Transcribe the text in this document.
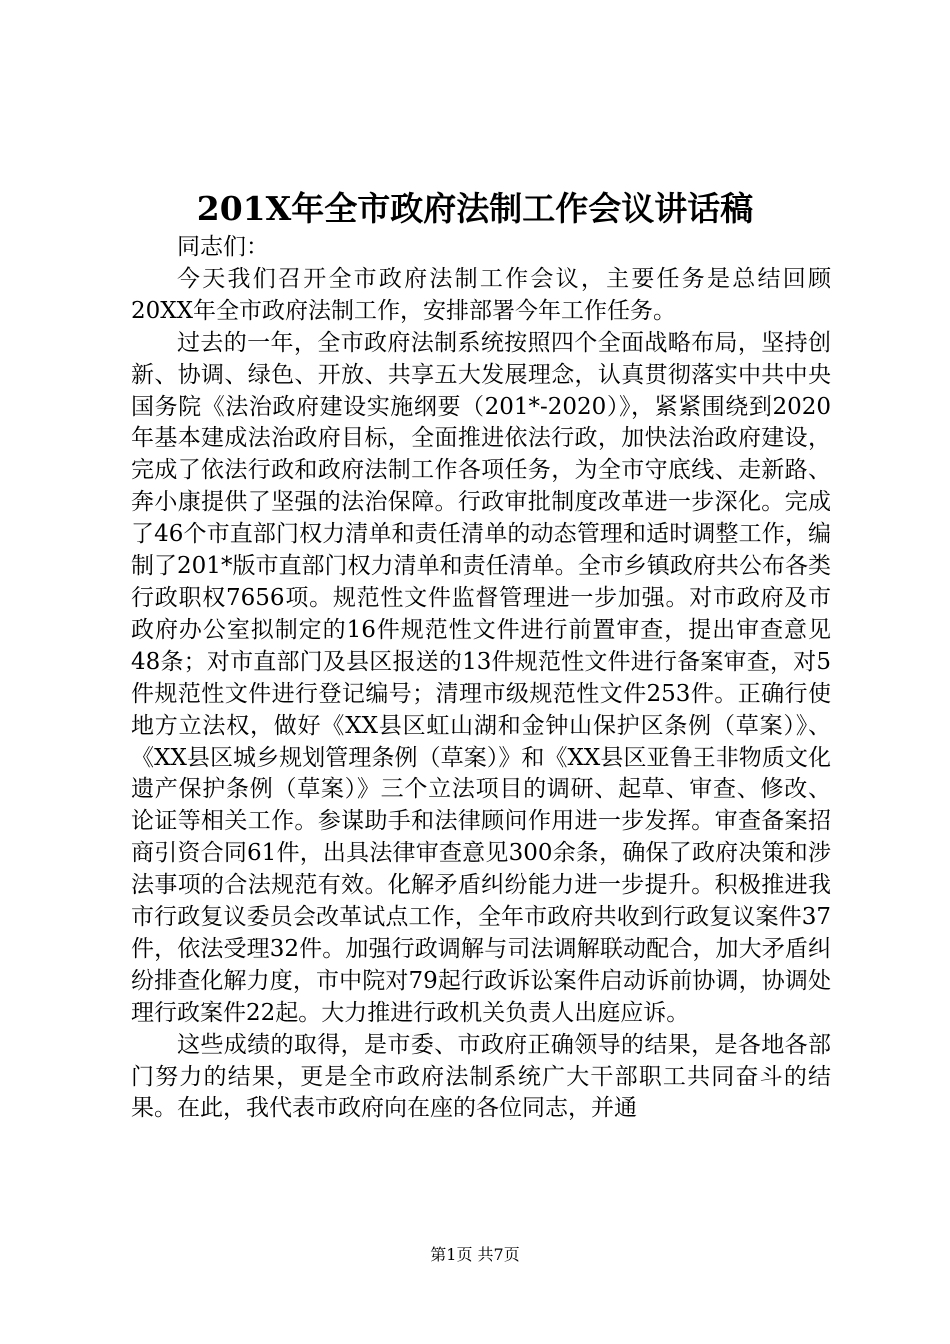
201X年全市政府法制工作会议讲话稿

同志们：

今天我们召开全市政府法制工作会议，主要任务是总结回顾20XX年全市政府法制工作，安排部署今年工作任务。

过去的一年，全市政府法制系统按照四个全面战略布局，坚持创新、协调、绿色、开放、共享五大发展理念，认真贯彻落实中共中央国务院《法治政府建设实施纲要（201*-2020）》，紧紧围绕到2020年基本建成法治政府目标，全面推进依法行政，加快法治政府建设，完成了依法行政和政府法制工作各项任务，为全市守底线、走新路、奔小康提供了坚强的法治保障。行政审批制度改革进一步深化。完成了46个市直部门权力清单和责任清单的动态管理和适时调整工作，编制了201*版市直部门权力清单和责任清单。全市乡镇政府共公布各类行政职权7656项。规范性文件监督管理进一步加强。对市政府及市政府办公室拟制定的16件规范性文件进行前置审查，提出审查意见48条；对市直部门及县区报送的13件规范性文件进行备案审查，对5件规范性文件进行登记编号；清理市级规范性文件253件。正确行使地方立法权，做好《XX县区虹山湖和金钟山保护区条例（草案）》、《XX县区城乡规划管理条例（草案）》和《XX县区亚鲁王非物质文化遗产保护条例（草案）》三个立法项目的调研、起草、审查、修改、论证等相关工作。参谋助手和法律顾问作用进一步发挥。审查备案招商引资合同61件，出具法律审查意见300余条，确保了政府决策和涉法事项的合法规范有效。化解矛盾纠纷能力进一步提升。积极推进我市行政复议委员会改革试点工作，全年市政府共收到行政复议案件37件，依法受理32件。加强行政调解与司法调解联动配合，加大矛盾纠纷排查化解力度，市中院对79起行政诉讼案件启动诉前协调，协调处理行政案件22起。大力推进行政机关负责人出庭应诉。

这些成绩的取得，是市委、市政府正确领导的结果，是各地各部门努力的结果，更是全市政府法制系统广大干部职工共同奋斗的结果。在此，我代表市政府向在座的各位同志，并通

第1页 共7页
